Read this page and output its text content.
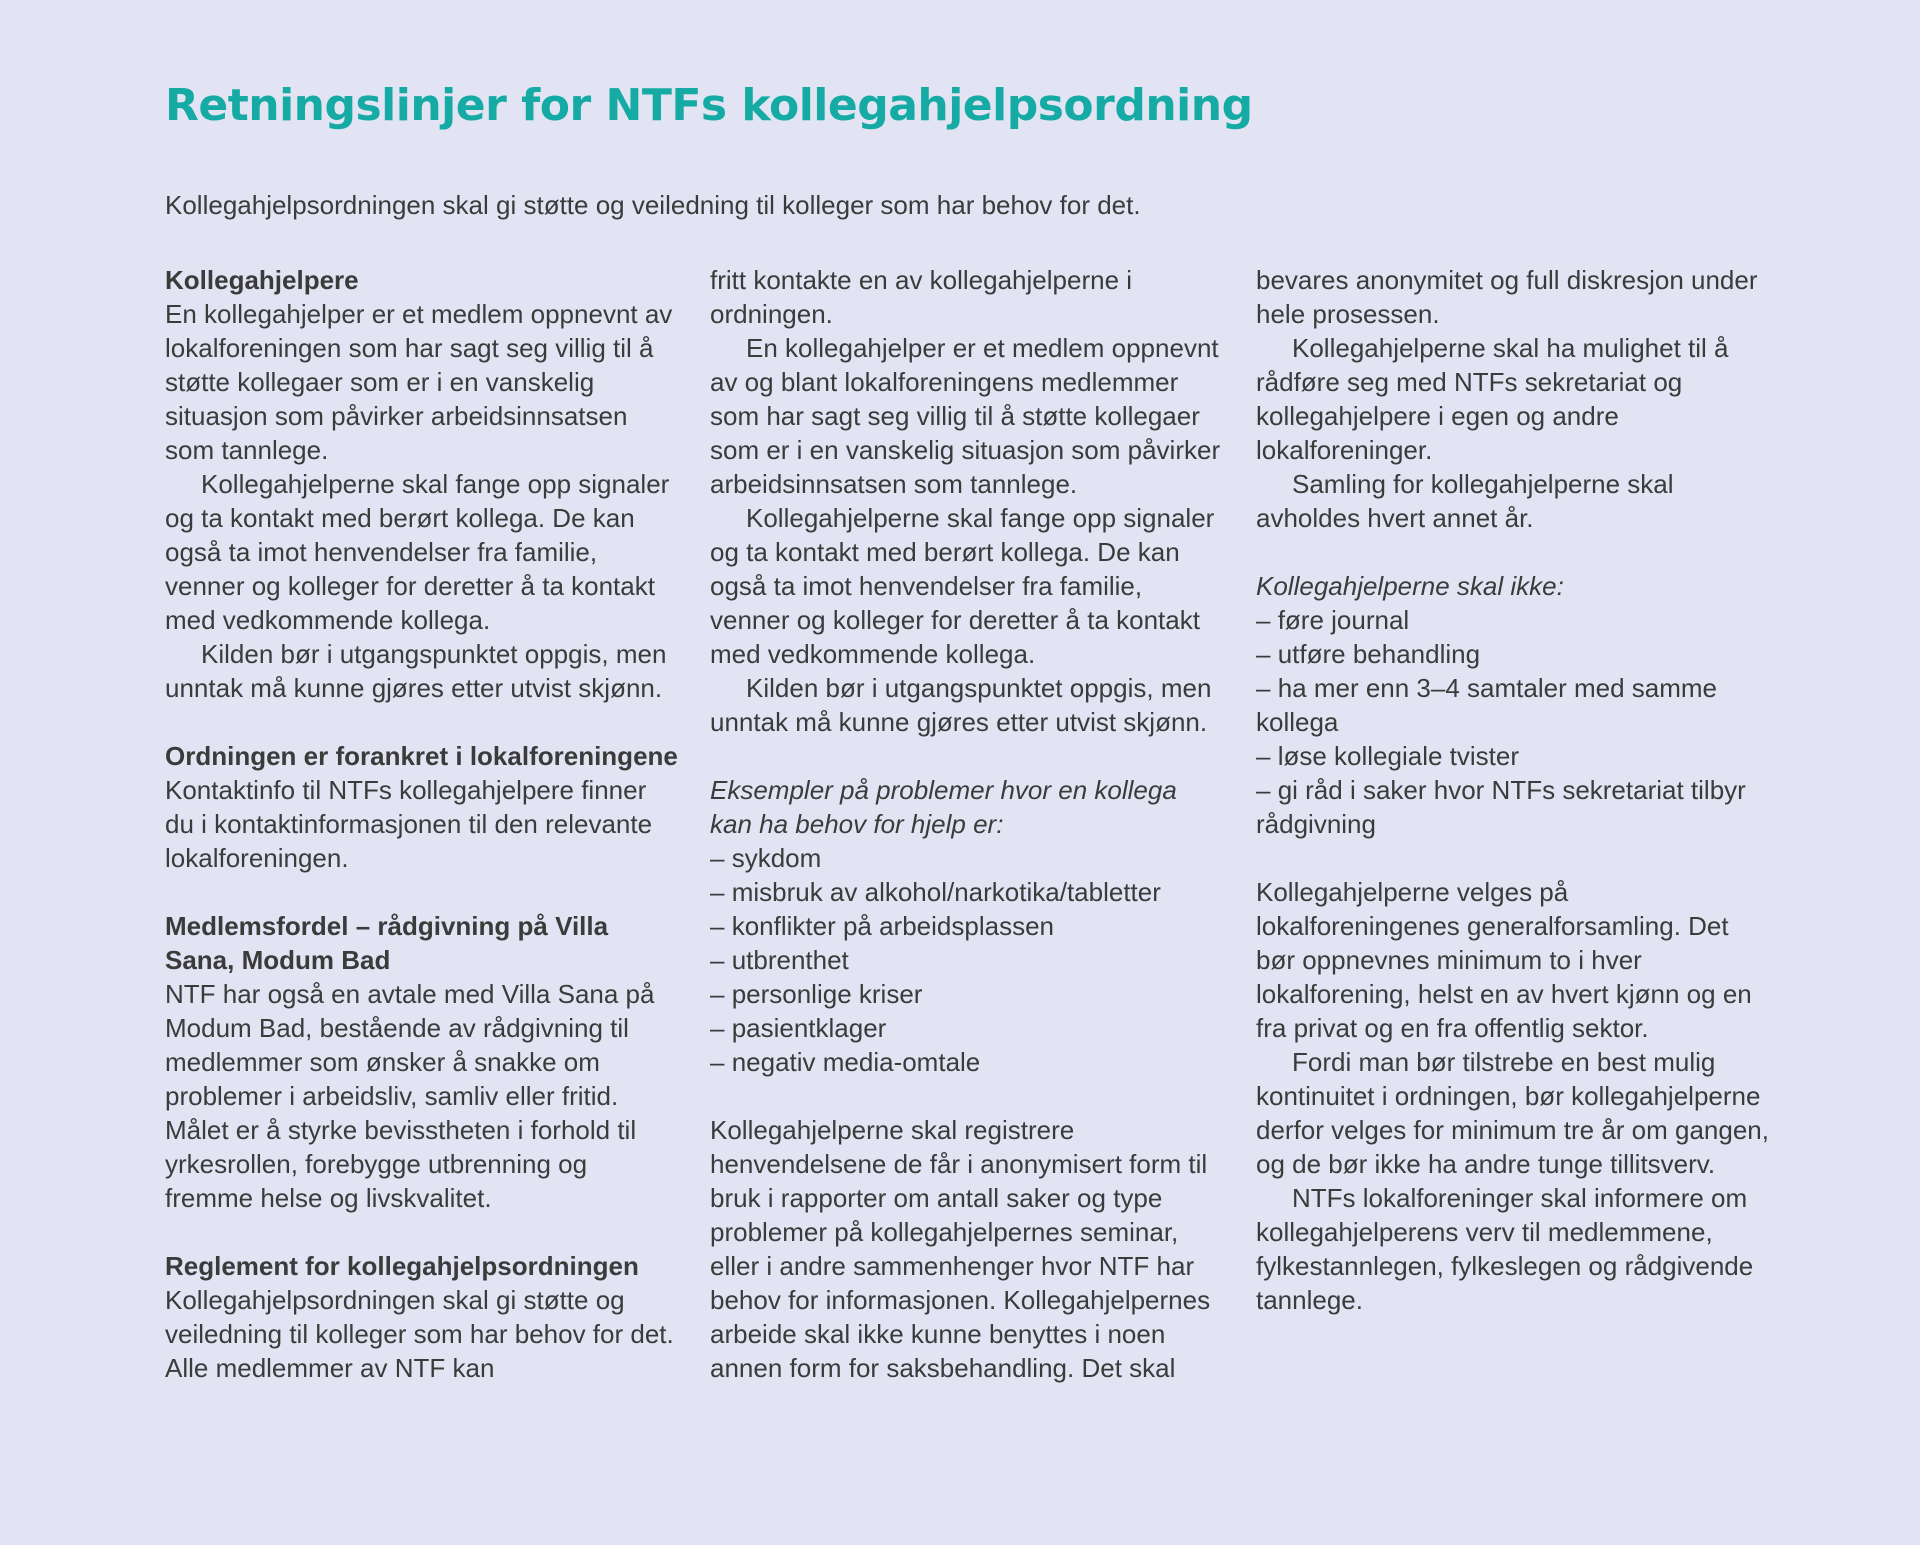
Retningslinjer for NTFs kollegahjelpsordning

Kollegahjelpsordningen skal gi støtte og veiledning til kolleger som har behov for det.

Kollegahjelpere

En kollegahjelper er et medlem oppnevnt av lokalforeningen som har sagt seg villig til å støtte kollegaer som er i en vanskelig situasjon som påvirker arbeidsinnsatsen som tannlege.

Kollegahjelperne skal fange opp signaler og ta kontakt med berørt kollega. De kan også ta imot henvendelser fra familie, venner og kolleger for deretter å ta kontakt med vedkommende kollega.

Kilden bør i utgangspunktet oppgis, men unntak må kunne gjøres etter utvist skjønn.

Ordningen er forankret i lokalforeningene

Kontaktinfo til NTFs kollegahjelpere finner du i kontaktinformasjonen til den relevante lokalforeningen.

Medlemsfordel – rådgivning på Villa Sana, Modum Bad

NTF har også en avtale med Villa Sana på Modum Bad, bestående av rådgivning til medlemmer som ønsker å snakke om problemer i arbeidsliv, samliv eller fritid. Målet er å styrke bevisstheten i forhold til yrkesrollen, forebygge utbrenning og fremme helse og livskvalitet.

Reglement for kollegahjelpsordningen

Kollegahjelpsordningen skal gi støtte og veiledning til kolleger som har behov for det. Alle medlemmer av NTF kan

fritt kontakte en av kollegahjelperne i ordningen.

En kollegahjelper er et medlem oppnevnt av og blant lokalforeningens medlemmer som har sagt seg villig til å støtte kollegaer som er i en vanskelig situasjon som påvirker arbeidsinnsatsen som tannlege.

Kollegahjelperne skal fange opp signaler og ta kontakt med berørt kollega. De kan også ta imot henvendelser fra familie, venner og kolleger for deretter å ta kontakt med vedkommende kollega.

Kilden bør i utgangspunktet oppgis, men unntak må kunne gjøres etter utvist skjønn.

Eksempler på problemer hvor en kollega kan ha behov for hjelp er:

– sykdom
– misbruk av alkohol/narkotika/tabletter
– konflikter på arbeidsplassen
– utbrenthet
– personlige kriser
– pasientklager
– negativ media-omtale

Kollegahjelperne skal registrere henvendelsene de får i anonymisert form til bruk i rapporter om antall saker og type problemer på kollegahjelpernes seminar, eller i andre sammenhenger hvor NTF har behov for informasjonen. Kollegahjelpernes arbeide skal ikke kunne benyttes i noen annen form for saksbehandling. Det skal

bevares anonymitet og full diskresjon under hele prosessen.

Kollegahjelperne skal ha mulighet til å rådføre seg med NTFs sekretariat og kollegahjelpere i egen og andre lokalforeninger.

Samling for kollegahjelperne skal avholdes hvert annet år.

Kollegahjelperne skal ikke:

– føre journal
– utføre behandling
– ha mer enn 3–4 samtaler med samme kollega
– løse kollegiale tvister
– gi råd i saker hvor NTFs sekretariat tilbyr rådgivning

Kollegahjelperne velges på lokalforeningenes generalforsamling. Det bør oppnevnes minimum to i hver lokalforening, helst en av hvert kjønn og en fra privat og en fra offentlig sektor.

Fordi man bør tilstrebe en best mulig kontinuitet i ordningen, bør kollegahjelperne derfor velges for minimum tre år om gangen, og de bør ikke ha andre tunge tillitsverv.

NTFs lokalforeninger skal informere om kollegahjelperens verv til medlemmene, fylkestannlegen, fylkeslegen og rådgivende tannlege.
